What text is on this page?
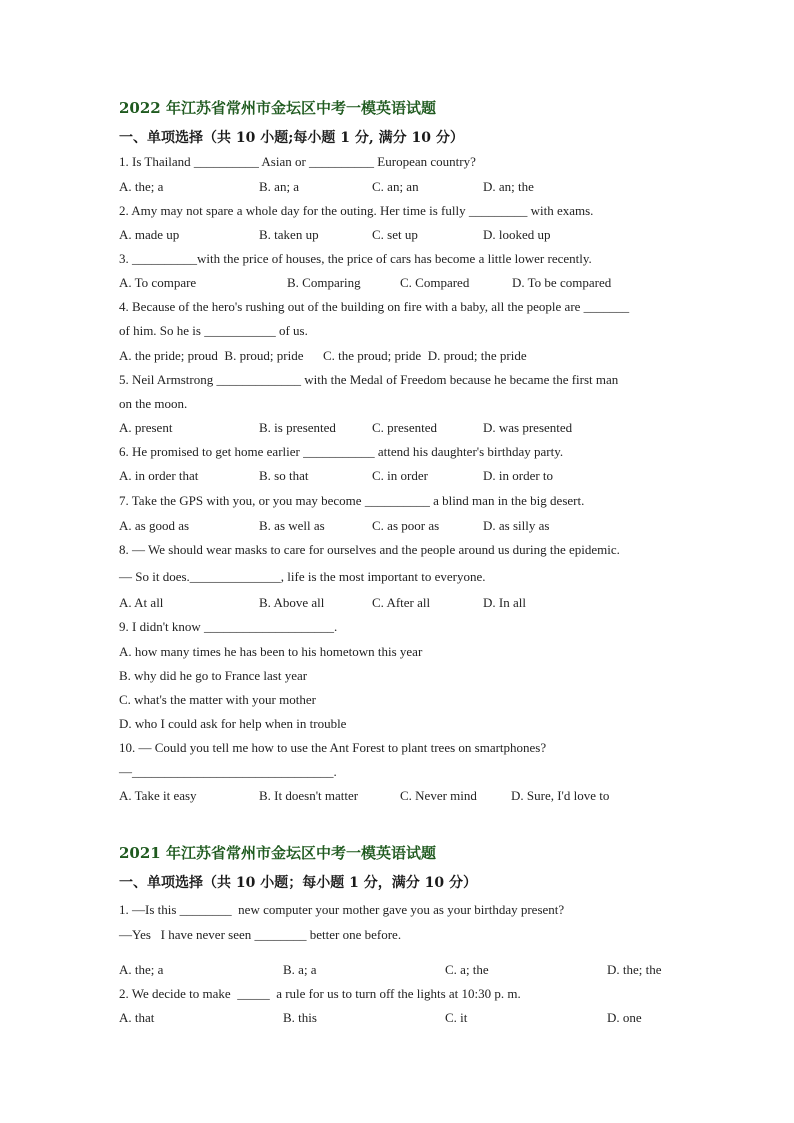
2022 年江苏省常州市金坛区中考一模英语试题
一、单项选择（共 10 小题;每小题 1 分, 满分 10 分）
1. Is Thailand __________ Asian or __________ European country?
A. the; a	B. an; a	C. an; an	D. an; the
2. Amy may not spare a whole day for the outing. Her time is fully _________ with exams.
A. made up	B. taken up	C. set up	D. looked up
3. __________with the price of houses, the price of cars has become a little lower recently.
A. To compare	B. Comparing	C. Compared	D. To be compared
4. Because of the hero's rushing out of the building on fire with a baby, all the people are _______
of him. So he is ___________ of us.
A. the pride; proud  B. proud; pride      C. the proud; pride  D. proud; the pride
5. Neil Armstrong _____________ with the Medal of Freedom because he became the first man
on the moon.
A. present	B. is presented	C. presented	D. was presented
6. He promised to get home earlier ___________ attend his daughter's birthday party.
A. in order that	B. so that	C. in order	D. in order to
7. Take the GPS with you, or you may become __________ a blind man in the big desert.
A. as good as	B. as well as	C. as poor as	D. as silly as
8. — We should wear masks to care for ourselves and the people around us during the epidemic.
— So it does.______________, life is the most important to everyone.
A. At all	B. Above all	C. After all	D. In all
9. I didn't know ____________________.
A. how many times he has been to his hometown this year
B. why did he go to France last year
C. what's the matter with your mother
D. who I could ask for help when in trouble
10. — Could you tell me how to use the Ant Forest to plant trees on smartphones?
—_______________________________.
A. Take it easy	B. It doesn't matter	C. Never mind	D. Sure, I'd love to
2021 年江苏省常州市金坛区中考一模英语试题
一、单项选择（共 10 小题；每小题 1 分，满分 10 分）
1. —Is this ________  new computer your mother gave you as your birthday present?
—Yes   I have never seen ________ better one before.
A. the; a	B. a; a	C. a; the	D. the; the
2. We decide to make  _____  a rule for us to turn off the lights at 10:30 p. m.
A. that	B. this	C. it	D. one
